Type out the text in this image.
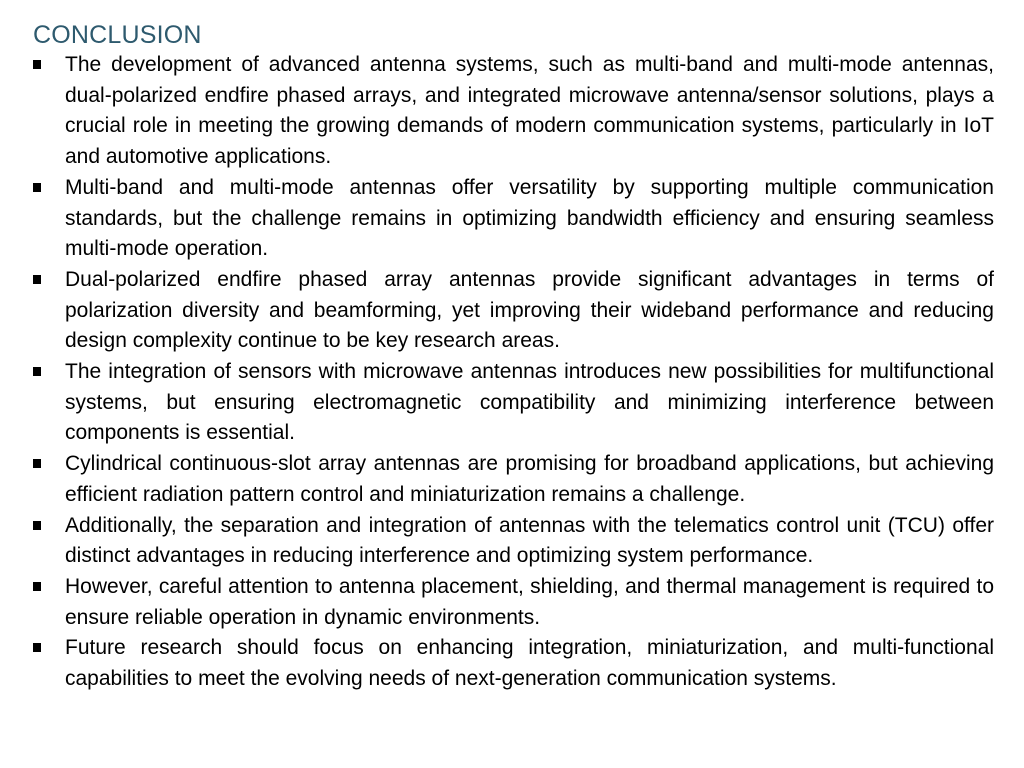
CONCLUSION
The development of advanced antenna systems, such as multi-band and multi-mode antennas, dual-polarized endfire phased arrays, and integrated microwave antenna/sensor solutions, plays a crucial role in meeting the growing demands of modern communication systems, particularly in IoT and automotive applications.
Multi-band and multi-mode antennas offer versatility by supporting multiple communication standards, but the challenge remains in optimizing bandwidth efficiency and ensuring seamless multi-mode operation.
Dual-polarized endfire phased array antennas provide significant advantages in terms of polarization diversity and beamforming, yet improving their wideband performance and reducing design complexity continue to be key research areas.
The integration of sensors with microwave antennas introduces new possibilities for multifunctional systems, but ensuring electromagnetic compatibility and minimizing interference between components is essential.
Cylindrical continuous-slot array antennas are promising for broadband applications, but achieving efficient radiation pattern control and miniaturization remains a challenge.
Additionally, the separation and integration of antennas with the telematics control unit (TCU) offer distinct advantages in reducing interference and optimizing system performance.
However, careful attention to antenna placement, shielding, and thermal management is required to ensure reliable operation in dynamic environments.
Future research should focus on enhancing integration, miniaturization, and multi-functional capabilities to meet the evolving needs of next-generation communication systems.
